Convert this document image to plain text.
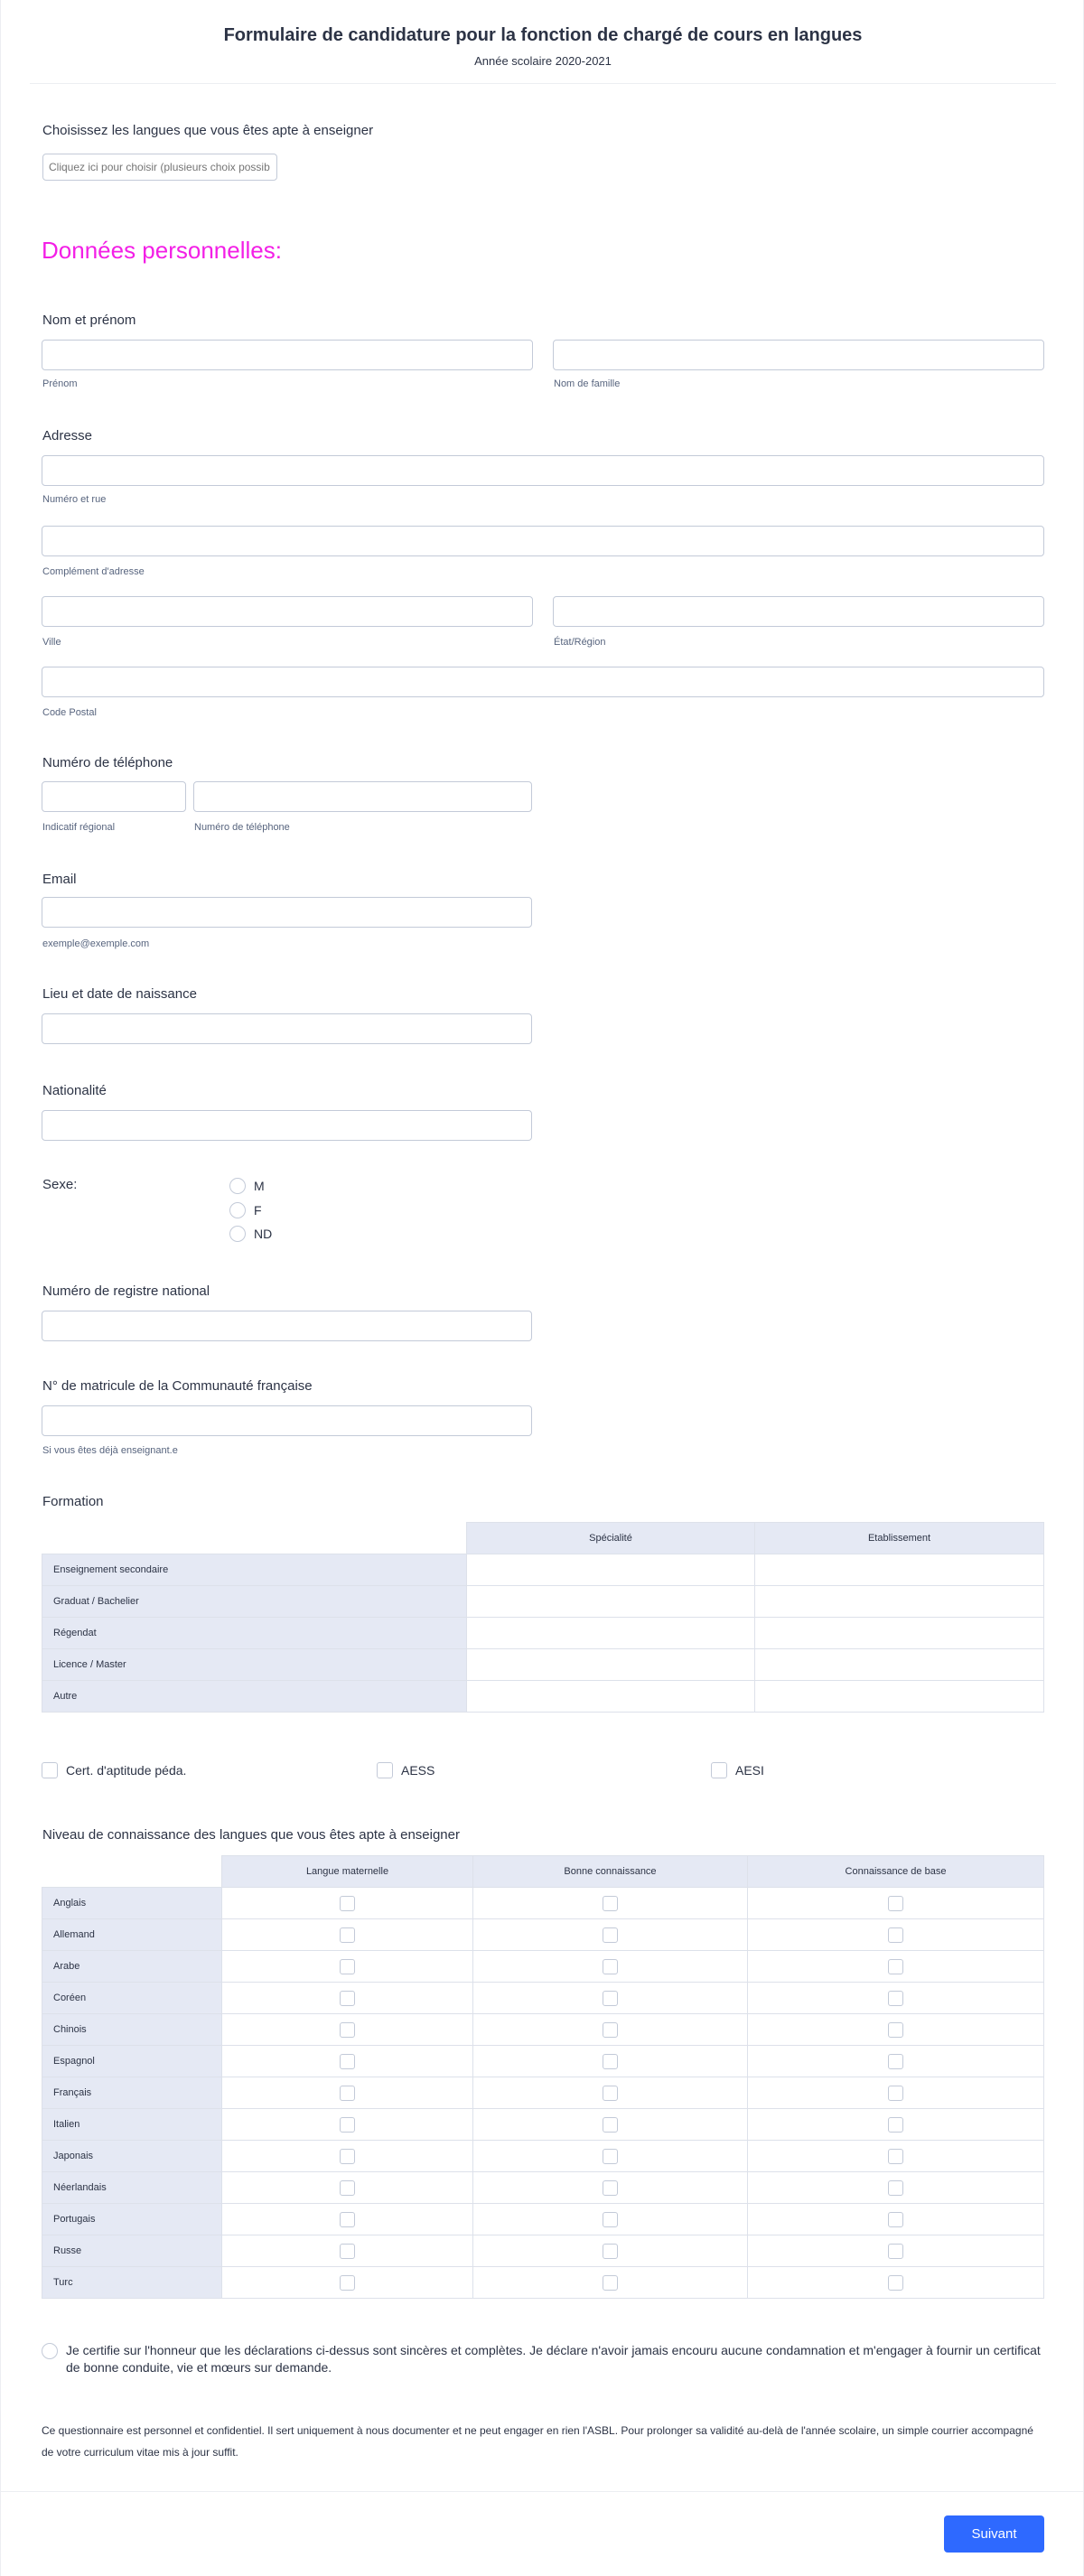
Formulaire de candidature pour la fonction de chargé de cours en langues
Année scolaire 2020-2021
Choisissez les langues que vous êtes apte à enseigner
Cliquez ici pour choisir (plusieurs choix possib
Données personnelles:
Nom et prénom
Prénom	Nom de famille
Adresse
Numéro et rue
Complément d'adresse
Ville	État/Région
Code Postal
Numéro de téléphone
Indicatif régional	Numéro de téléphone
Email
exemple@exemple.com
Lieu et date de naissance
Nationalité
Sexe:	M
F
ND
Numéro de registre national
N° de matricule de la Communauté française
Si vous êtes déjà enseignant.e
Formation
	Spécialité	Etablissement
Enseignement secondaire		
Graduat / Bachelier		
Régendat		
Licence / Master		
Autre		
Cert. d'aptitude péda.	AESS	AESI
Niveau de connaissance des langues que vous êtes apte à enseigner
	Langue maternelle	Bonne connaissance	Connaissance de base
Anglais			
Allemand			
Arabe			
Coréen			
Chinois			
Espagnol			
Français			
Italien			
Japonais			
Néerlandais			
Portugais			
Russe			
Turc			
Je certifie sur l'honneur que les déclarations ci-dessus sont sincères et complètes. Je déclare n'avoir jamais encouru aucune condamnation et m'engager à fournir un certificat de bonne conduite, vie et mœurs sur demande.
Ce questionnaire est personnel et confidentiel. Il sert uniquement à nous documenter et ne peut engager en rien l'ASBL. Pour prolonger sa validité au-delà de l'année scolaire, un simple courrier accompagné de votre curriculum vitae mis à jour suffit.
Suivant
